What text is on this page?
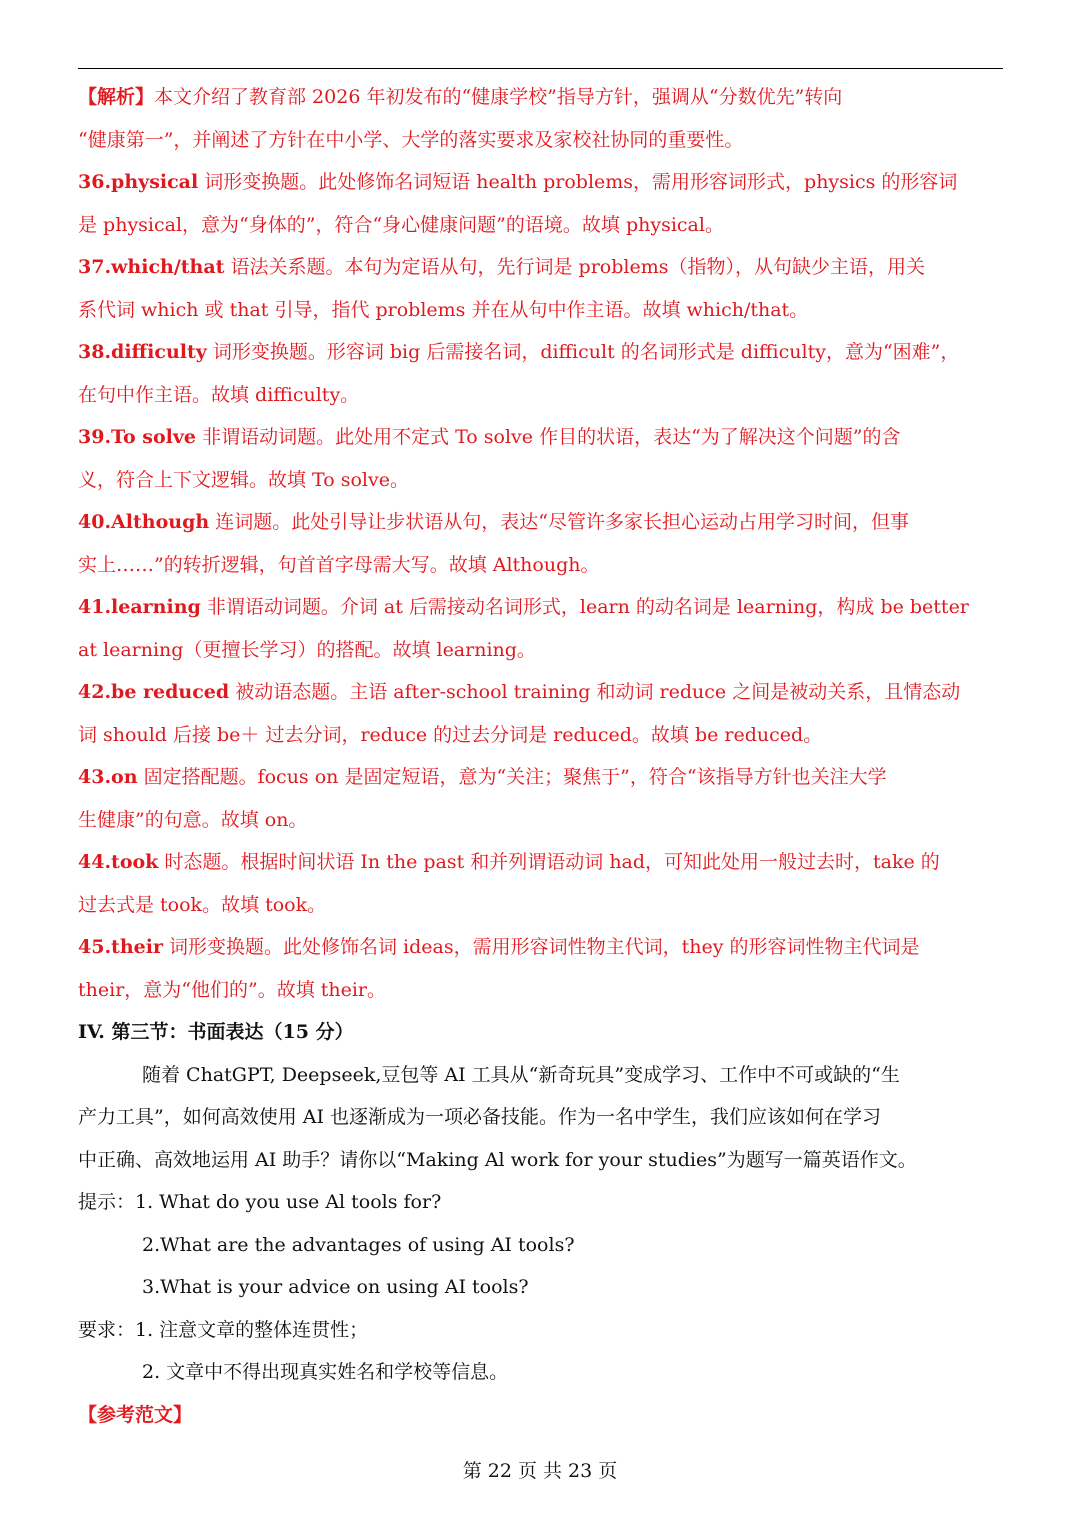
【解析】本文介绍了教育部 2026 年初发布的“健康学校”指导方针，强调从“分数优先”转向
“健康第一”，并阐述了方针在中小学、大学的落实要求及家校社协同的重要性。
36.physical 词形变换题。此处修饰名词短语 health problems，需用形容词形式，physics 的形容词
是 physical，意为“身体的”，符合“身心健康问题”的语境。故填 physical。
37.which/that 语法关系题。本句为定语从句，先行词是 problems（指物），从句缺少主语，用关
系代词 which 或 that 引导，指代 problems 并在从句中作主语。故填 which/that。
38.difficulty 词形变换题。形容词 big 后需接名词，difficult 的名词形式是 difficulty，意为“困难”，
在句中作主语。故填 difficulty。
39.To solve 非谓语动词题。此处用不定式 To solve 作目的状语，表达“为了解决这个问题”的含
义，符合上下文逻辑。故填 To solve。
40.Although 连词题。此处引导让步状语从句，表达“尽管许多家长担心运动占用学习时间，但事
实上……”的转折逻辑，句首首字母需大写。故填 Although。
41.learning 非谓语动词题。介词 at 后需接动名词形式，learn 的动名词是 learning，构成 be better
at learning（更擅长学习）的搭配。故填 learning。
42.be reduced 被动语态题。主语 after-school training 和动词 reduce 之间是被动关系，且情态动
词 should 后接 be＋ 过去分词，reduce 的过去分词是 reduced。故填 be reduced。
43.on 固定搭配题。focus on 是固定短语，意为“关注；聚焦于”，符合“该指导方针也关注大学
生健康”的句意。故填 on。
44.took 时态题。根据时间状语 In the past 和并列谓语动词 had，可知此处用一般过去时，take 的
过去式是 took。故填 took。
45.their 词形变换题。此处修饰名词 ideas，需用形容词性物主代词，they 的形容词性物主代词是
their，意为“他们的”。故填 their。
IV. 第三节：书面表达（15 分）
随着 ChatGPT, Deepseek,豆包等 AI 工具从“新奇玩具”变成学习、工作中不可或缺的“生
产力工具”，如何高效使用 AI 也逐渐成为一项必备技能。作为一名中学生，我们应该如何在学习
中正确、高效地运用 AI 助手？请你以“Making Al work for your studies”为题写一篇英语作文。
提示：1. What do you use Al tools for?
2.What are the advantages of using AI tools?
3.What is your advice on using AI tools?
要求：1. 注意文章的整体连贯性；
2. 文章中不得出现真实姓名和学校等信息。
【参考范文】
第 22 页 共 23 页
